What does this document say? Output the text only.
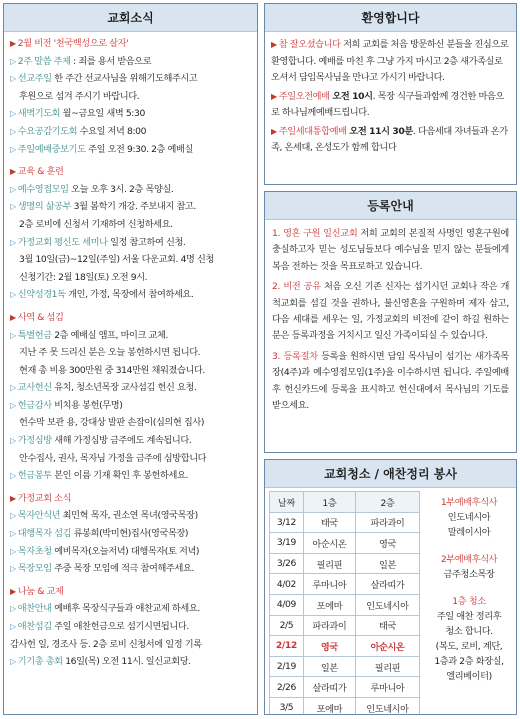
교회소식
▶ 2월 비전 '천국백성으로 살자'
▷ 2주 말씀 주제 : 죄를 용서 받음으로
▷ 선교주일 한 주간 선교사님을 위해기도해주시고
후원으로 섬겨 주시기 바랍니다.
▷ 새벽기도회 월~금요일 새벽 5:30
▷ 수요공감기도회 수요일 저녁 8:00
▷ 주일예배중보기도 주일 오전 9:30. 2층 예배실
▶ 교육 & 훈련
▷ 예수영접모임 오늘 오후 3시. 2층 목양실.
▷ 생명의 삶공부 3월 봄학기 개강. 주보내지 참고.
2층 로비에 신청서 기재하여 신청하세요.
▷ 가정교회 평신도 세미나 일정 참고하여 신청.
3월 10일(금)~12일(주일) 서울 다운교회. 4명 신청
신청기간: 2월 18일(토) 오전 9시.
▷ 신약성경1독 개인, 가정, 목장에서 참여하세요.
▶ 사역 & 섬김
▷ 특별헌금 2층 예배실 앰프, 마이크 교체.
지난 주 못 드리신 분은 오늘 봉헌하시면 됩니다.
현재 총 비용 300만원 중 314만원 채워졌습니다.
▷ 교사헌신 유치, 청소년목장 교사섬김 헌신 요청.
▷ 헌금감사 비치용 봉헌(무명)
헌수막 보관 용, 강대상 발판 손잡이(심의현 집사)
▷ 가정심방 새해 가정심방 금주에도 계속됩니다.
안수집사, 권사, 목자님 가정을 금주에 심방합니다
▷ 헌금봉투 본인 이름 기재 확인 후 봉헌하세요.
▶ 가정교회 소식
▷ 목자안식년 최민혁 목자, 권소연 목녀(영국목장)
▷ 대행목자 섬김 류봉희(박미현)집사(영국목장)
▷ 목자초청 예비목자(오늘저녁) 대행목자(토 저녁)
▷ 목장모임 주중 목장 모임에 적극 참여해주세요.
▶ 나눔 & 교제
▷ 애찬안내 예배후 목장식구들과 애찬교제 하세요.
▷ 애찬섬김 주일 애찬헌금으로 섬기시면됩니다.
감사헌 일, 경조사 등. 2층 로비 신청서에 일정 기록
▷ 기기총 총회 16일(목) 오전 11시. 일신교회당.
환영합니다
▶ 참 잘오셨습니다 저희 교회를 처음 방문하신 분들을 진심으로 환영합니다. 예배를 마친 후 그냥 가지 마시고 2층 새가족실로 오셔서 담임목사님을 만나고 가시기 바랍니다.
▶ 주일오전예배 오전 10시. 목장 식구들과함께 경건한 마음으로 하나님께예배드립니다.
▶ 주일세대통합예배 오전 11시 30분. 다음세대 자녀들과 온가족, 온세대, 온성도가 함께 합니다
등록안내
1. 영혼 구원 일신교회 저희 교회의 본질적 사명인 영혼구원에 충실하고자 믿는 성도님들보다 예수님을 믿지 않는 분들에게 복음 전하는 것을 목표로하고 있습니다.
2. 비전 공유 처음 오신 기존 신자는 섬기시던 교회나 작은 개척교회를 섬길 것을 권하나, 불신영혼을 구원하며 제자 삼고, 다음 세대를 세우는 일, 가정교회의 비전에 같이 하길 원하는 분은 등록과정을 거치시고 일신 가족이되실 수 있습니다.
3. 등록절차 등록을 원하시면 담임 목사님이 섬기는 새가족목장(4주)과 예수영접모임(1주)을 이수하시면 됩니다. 주일예배후 헌신카드에 등록을 표시하고 헌신대에서 목사님의 기도를 받으세요.
교회청소 / 애찬정리 봉사
날짜	1층	2층
3/12	태국	파라과이
3/19	아순시온	영국
3/26	필리핀	일본
4/02	루마니아	살라띠가
4/09	포에마	인도네시아
2/5	파라과이	태국
2/12	영국	아순시온
2/19	일본	필리핀
2/26	살라띠가	루마니아
3/5	포에마	인도네시아
1부예배후식사
인도네시아
말레이시아
2부예배후식사
금주청소목장
1층 청소
주일 애찬 정리후
청소 합니다.
(복도, 로비, 계단,
1층과 2층 화장실,
엘리베이터)
